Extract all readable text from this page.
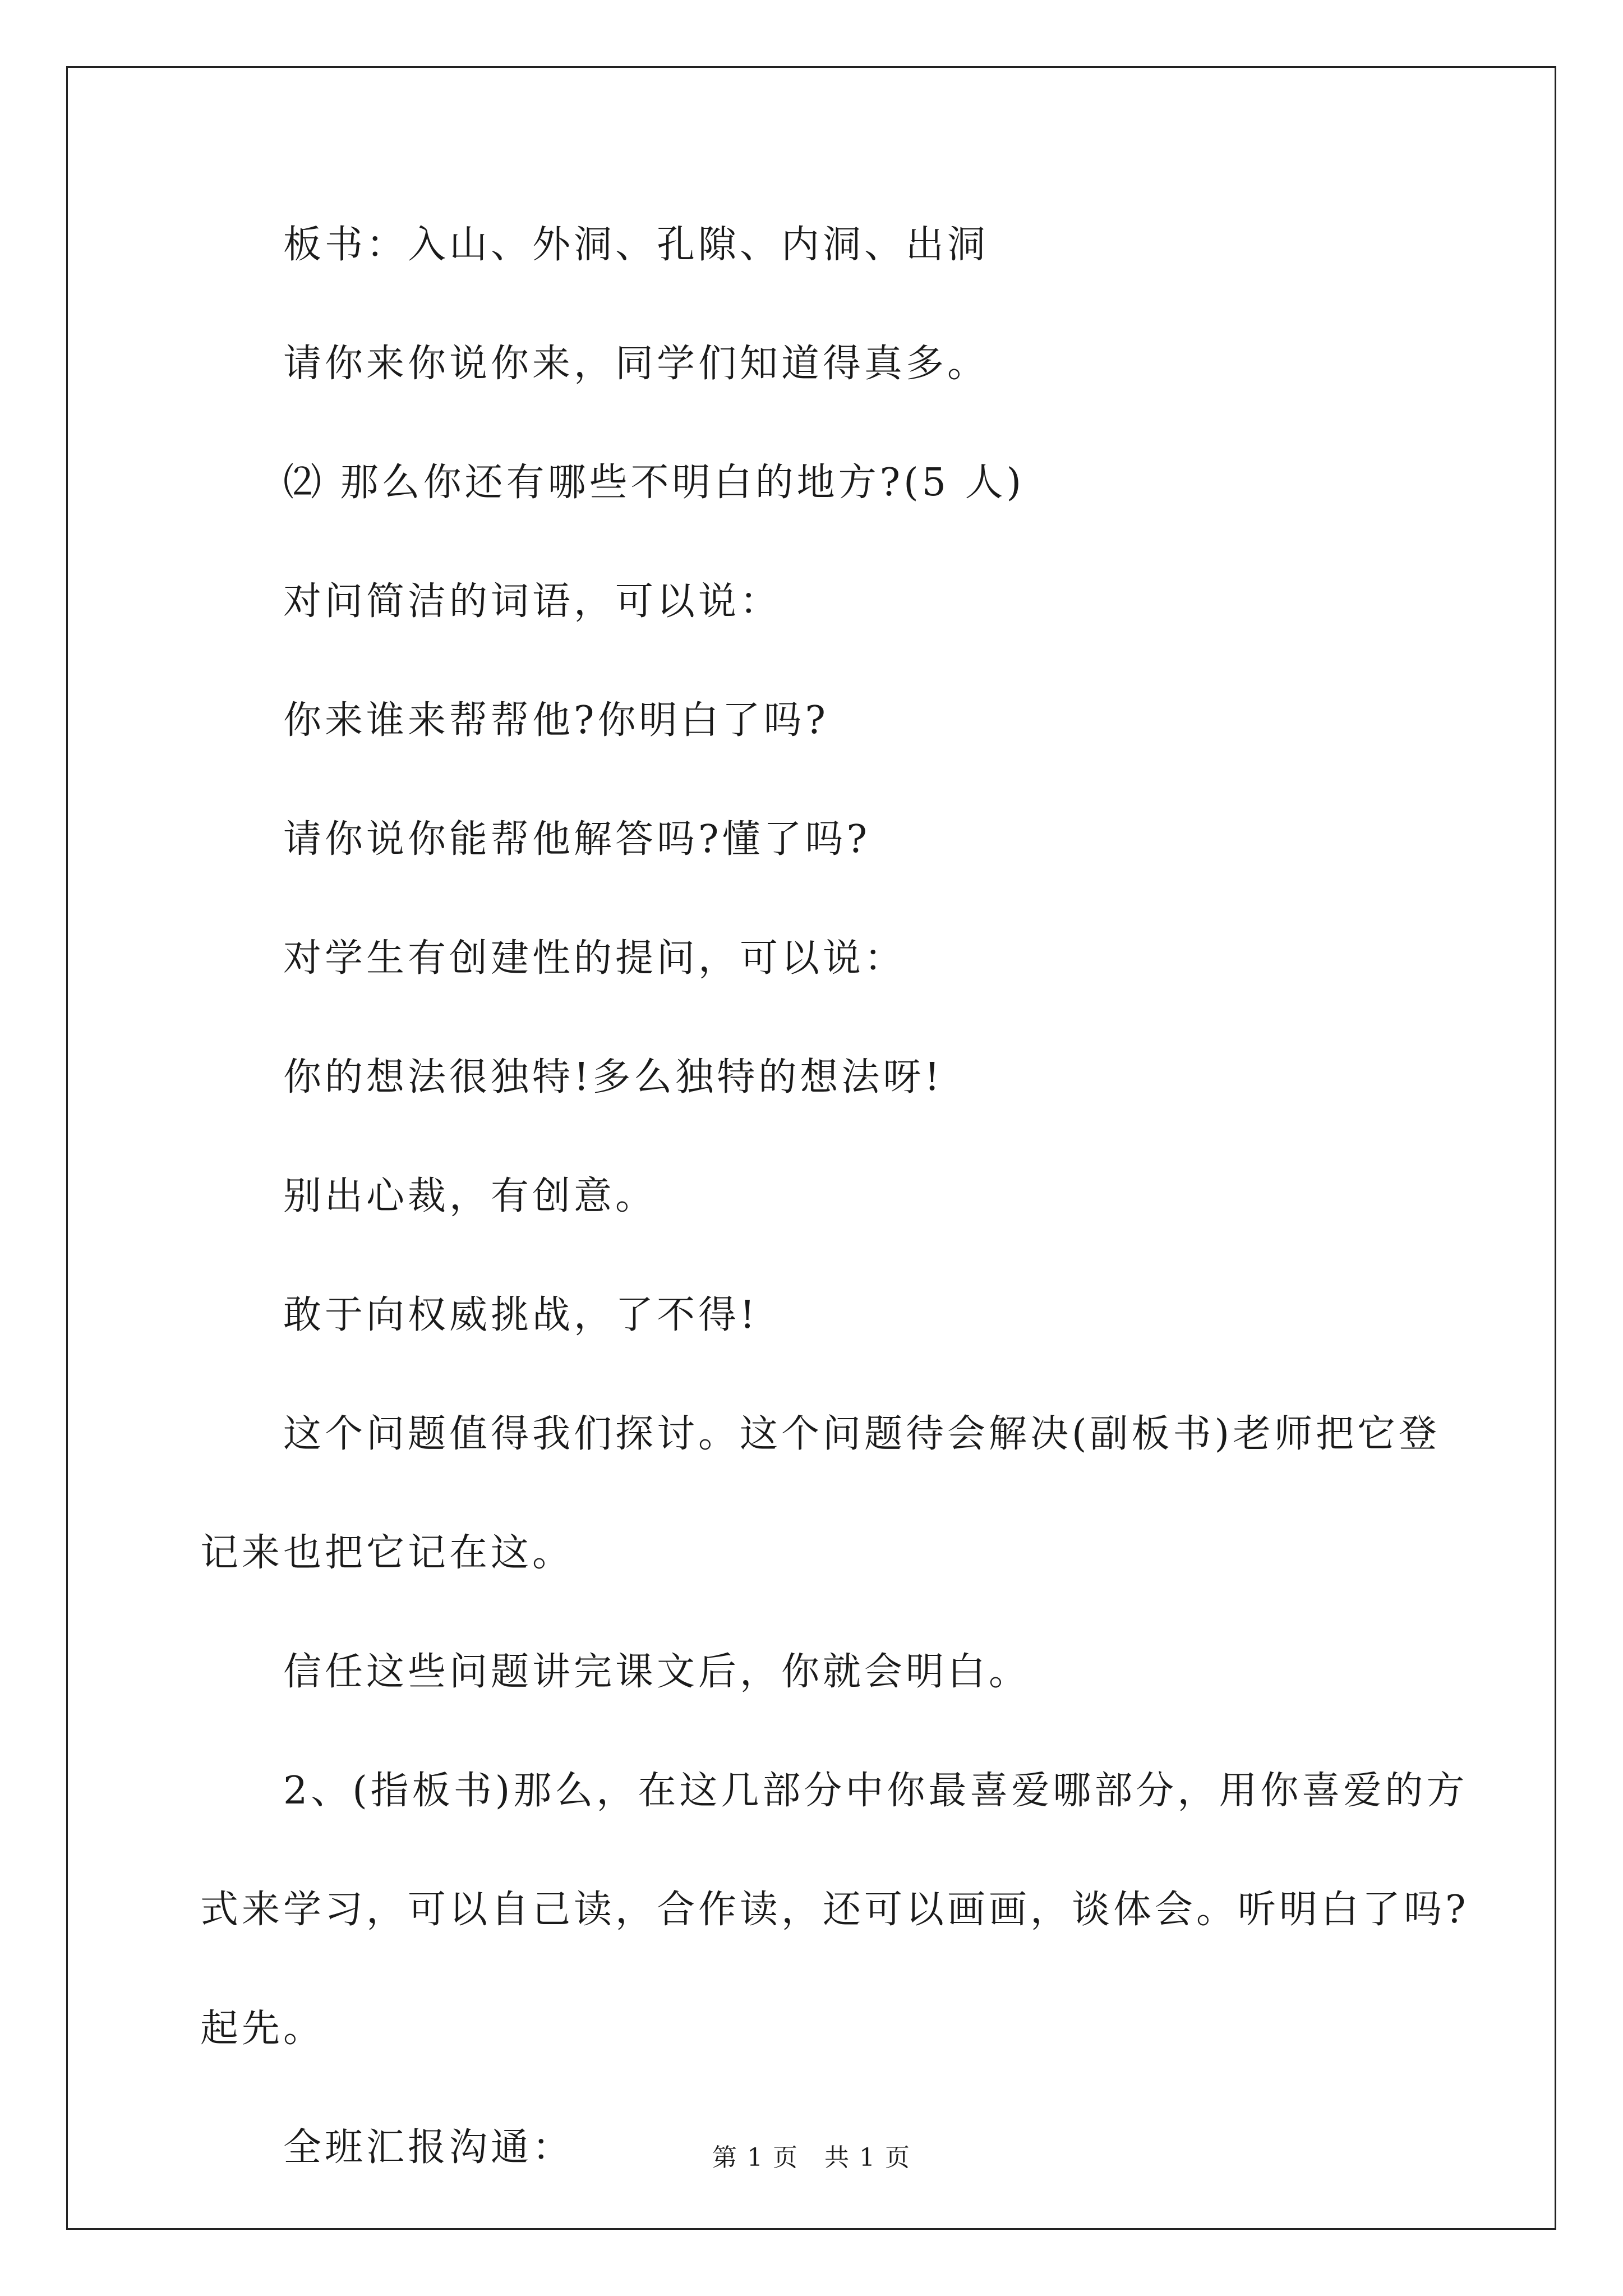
板书：入山、外洞、孔隙、内洞、出洞

请你来你说你来，同学们知道得真多。

⑵ 那么你还有哪些不明白的地方?(5 人)

对问简洁的词语，可以说：

你来谁来帮帮他?你明白了吗?

请你说你能帮他解答吗?懂了吗?

对学生有创建性的提问，可以说：

你的想法很独特!多么独特的想法呀!

别出心裁，有创意。

敢于向权威挑战，了不得!

这个问题值得我们探讨。这个问题待会解决(副板书)老师把它登记来也把它记在这。

信任这些问题讲完课文后，你就会明白。

2、(指板书)那么，在这几部分中你最喜爱哪部分，用你喜爱的方式来学习，可以自己读，合作读，还可以画画，谈体会。听明白了吗?起先。

全班汇报沟通：	第 1 页　共 1 页
